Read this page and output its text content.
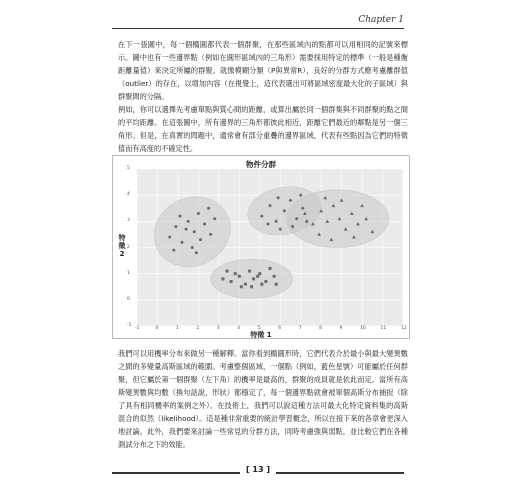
Chapter 1

在下一張圖中，每一個橢圓都代表一個群聚，在那些區域內的點都可以用相同的記號來標示。圖中也有一些邊界點（例如在圓形區域內的三角形）需要採用特定的標準（一般是種衡距離量值）來決定所屬的群聚。就像模糊分類（P與異常R），良好的分群方式應考慮離群值（outlier）的存在，以增加內容（在視覺上，這代表選出可將區域密度最大化的子區域）與群聚間的分隔。

例如，你可以選擇先考慮單點與質心間的距離，或算出屬於同一個群集與不同群聚的點之間的平均距離。在這張圖中，所有邊界的三角形都彼此相近，距離它們最近的鄰點是另一個三角形。但是，在真實的問題中，通常會有部分重疊的邊界區域，代表有些點因為它們的特徵值而有高度的不確定性。

物件分群
特徵 2
5
4
3
2
1
0
-1
-1	0	1	2	3	4	5	6	7	8	9	10	11	12
特徵 1

我們可以用機率分布來做另一種解釋。當你看到橢圓形時，它們代表介於最小與最大變異數之間的多變量高斯區域的範圍。考慮整個區域，一個點（例如，藍色星號）可能屬於任何群聚，但它屬於第一個群聚（左下角）的機率是最高的，群聚的成員就是依此而定。當所有高斯變異數與均數（換句話說，形狀）都穩定了，每一個邊界點就會被單個高斯分布捕捉（除了具有相同機率的案例之外）。在技術上，我們可以說這種方法可最大化特定資料集的高斯混合的似然（likelihood）。這是種非常重要的統計學習概念，所以在接下來的各章會更深入地討論。此外，我們要來討論一些常見的分群方法，同時考慮強與弱點，並比較它們在各種測試分布之下的效能。

[ 13 ]
